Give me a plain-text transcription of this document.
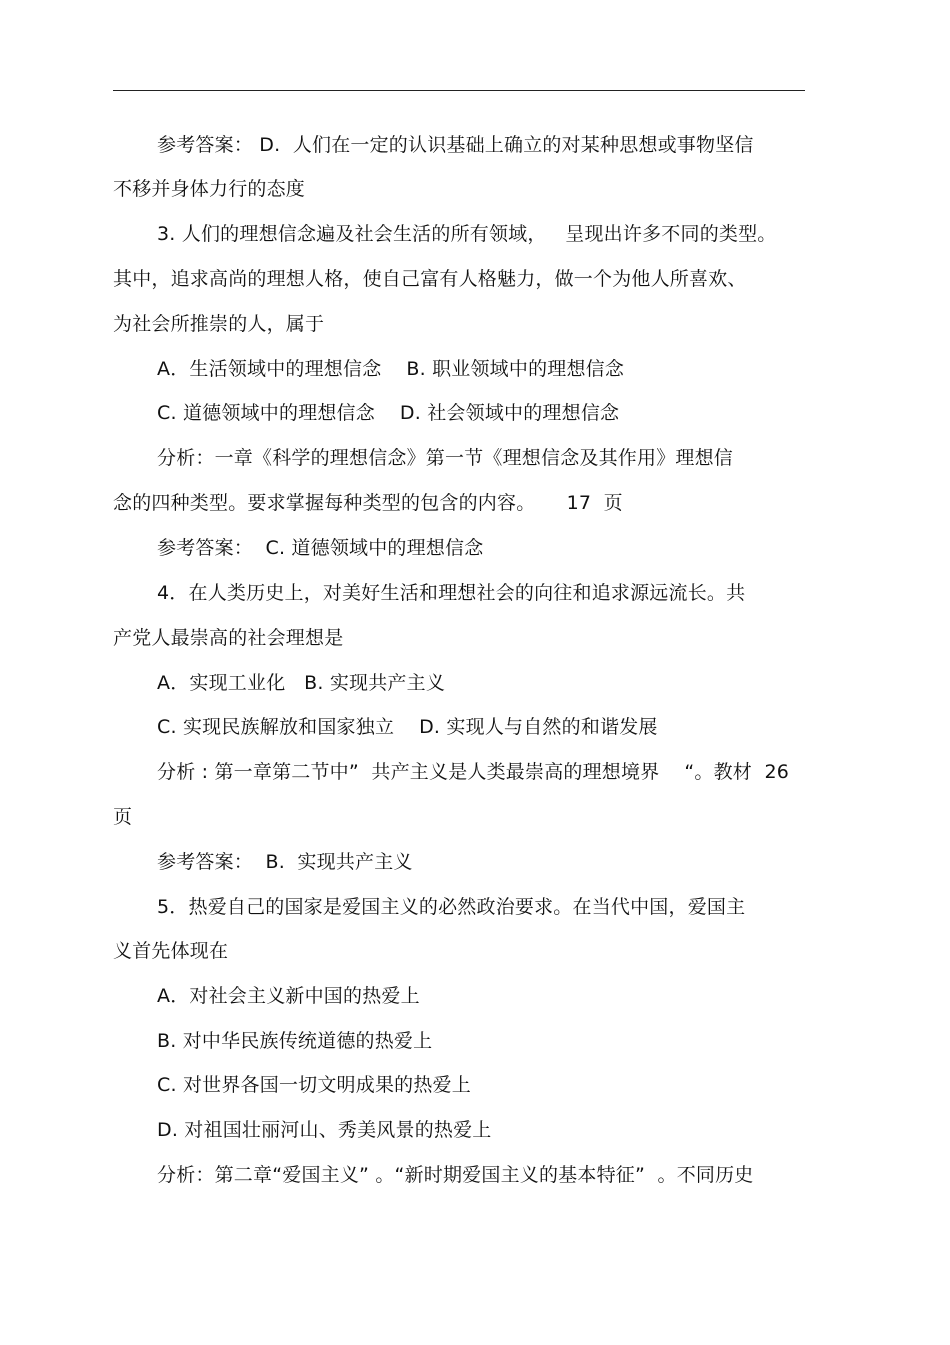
参考答案： D.  人们在一定的认识基础上确立的对某种思想或事物坚信
不移并身体力行的态度
3. 人们的理想信念遍及社会生活的所有领域，   呈现出许多不同的类型。
其中，追求高尚的理想人格，使自己富有人格魅力，做一个为他人所喜欢、
为社会所推崇的人，属于
A．生活领域中的理想信念    B. 职业领域中的理想信念
C. 道德领域中的理想信念    D. 社会领域中的理想信念
分析：一章《科学的理想信念》第一节《理想信念及其作用》理想信
念的四种类型。要求掌握每种类型的包含的内容。     17  页
参考答案：  C. 道德领域中的理想信念
4．在人类历史上，对美好生活和理想社会的向往和追求源远流长。共
产党人最崇高的社会理想是
A．实现工业化   B. 实现共产主义
C. 实现民族解放和国家独立    D. 实现人与自然的和谐发展
分析 : 第一章第二节中”  共产主义是人类最崇高的理想境界    “。教材  26
页
参考答案：  B.  实现共产主义
5．热爱自己的国家是爱国主义的必然政治要求。在当代中国，爱国主
义首先体现在
A．对社会主义新中国的热爱上
B. 对中华民族传统道德的热爱上
C. 对世界各国一切文明成果的热爱上
D. 对祖国壮丽河山、秀美风景的热爱上
分析：第二章“爱国主义” 。“新时期爱国主义的基本特征”  。不同历史
